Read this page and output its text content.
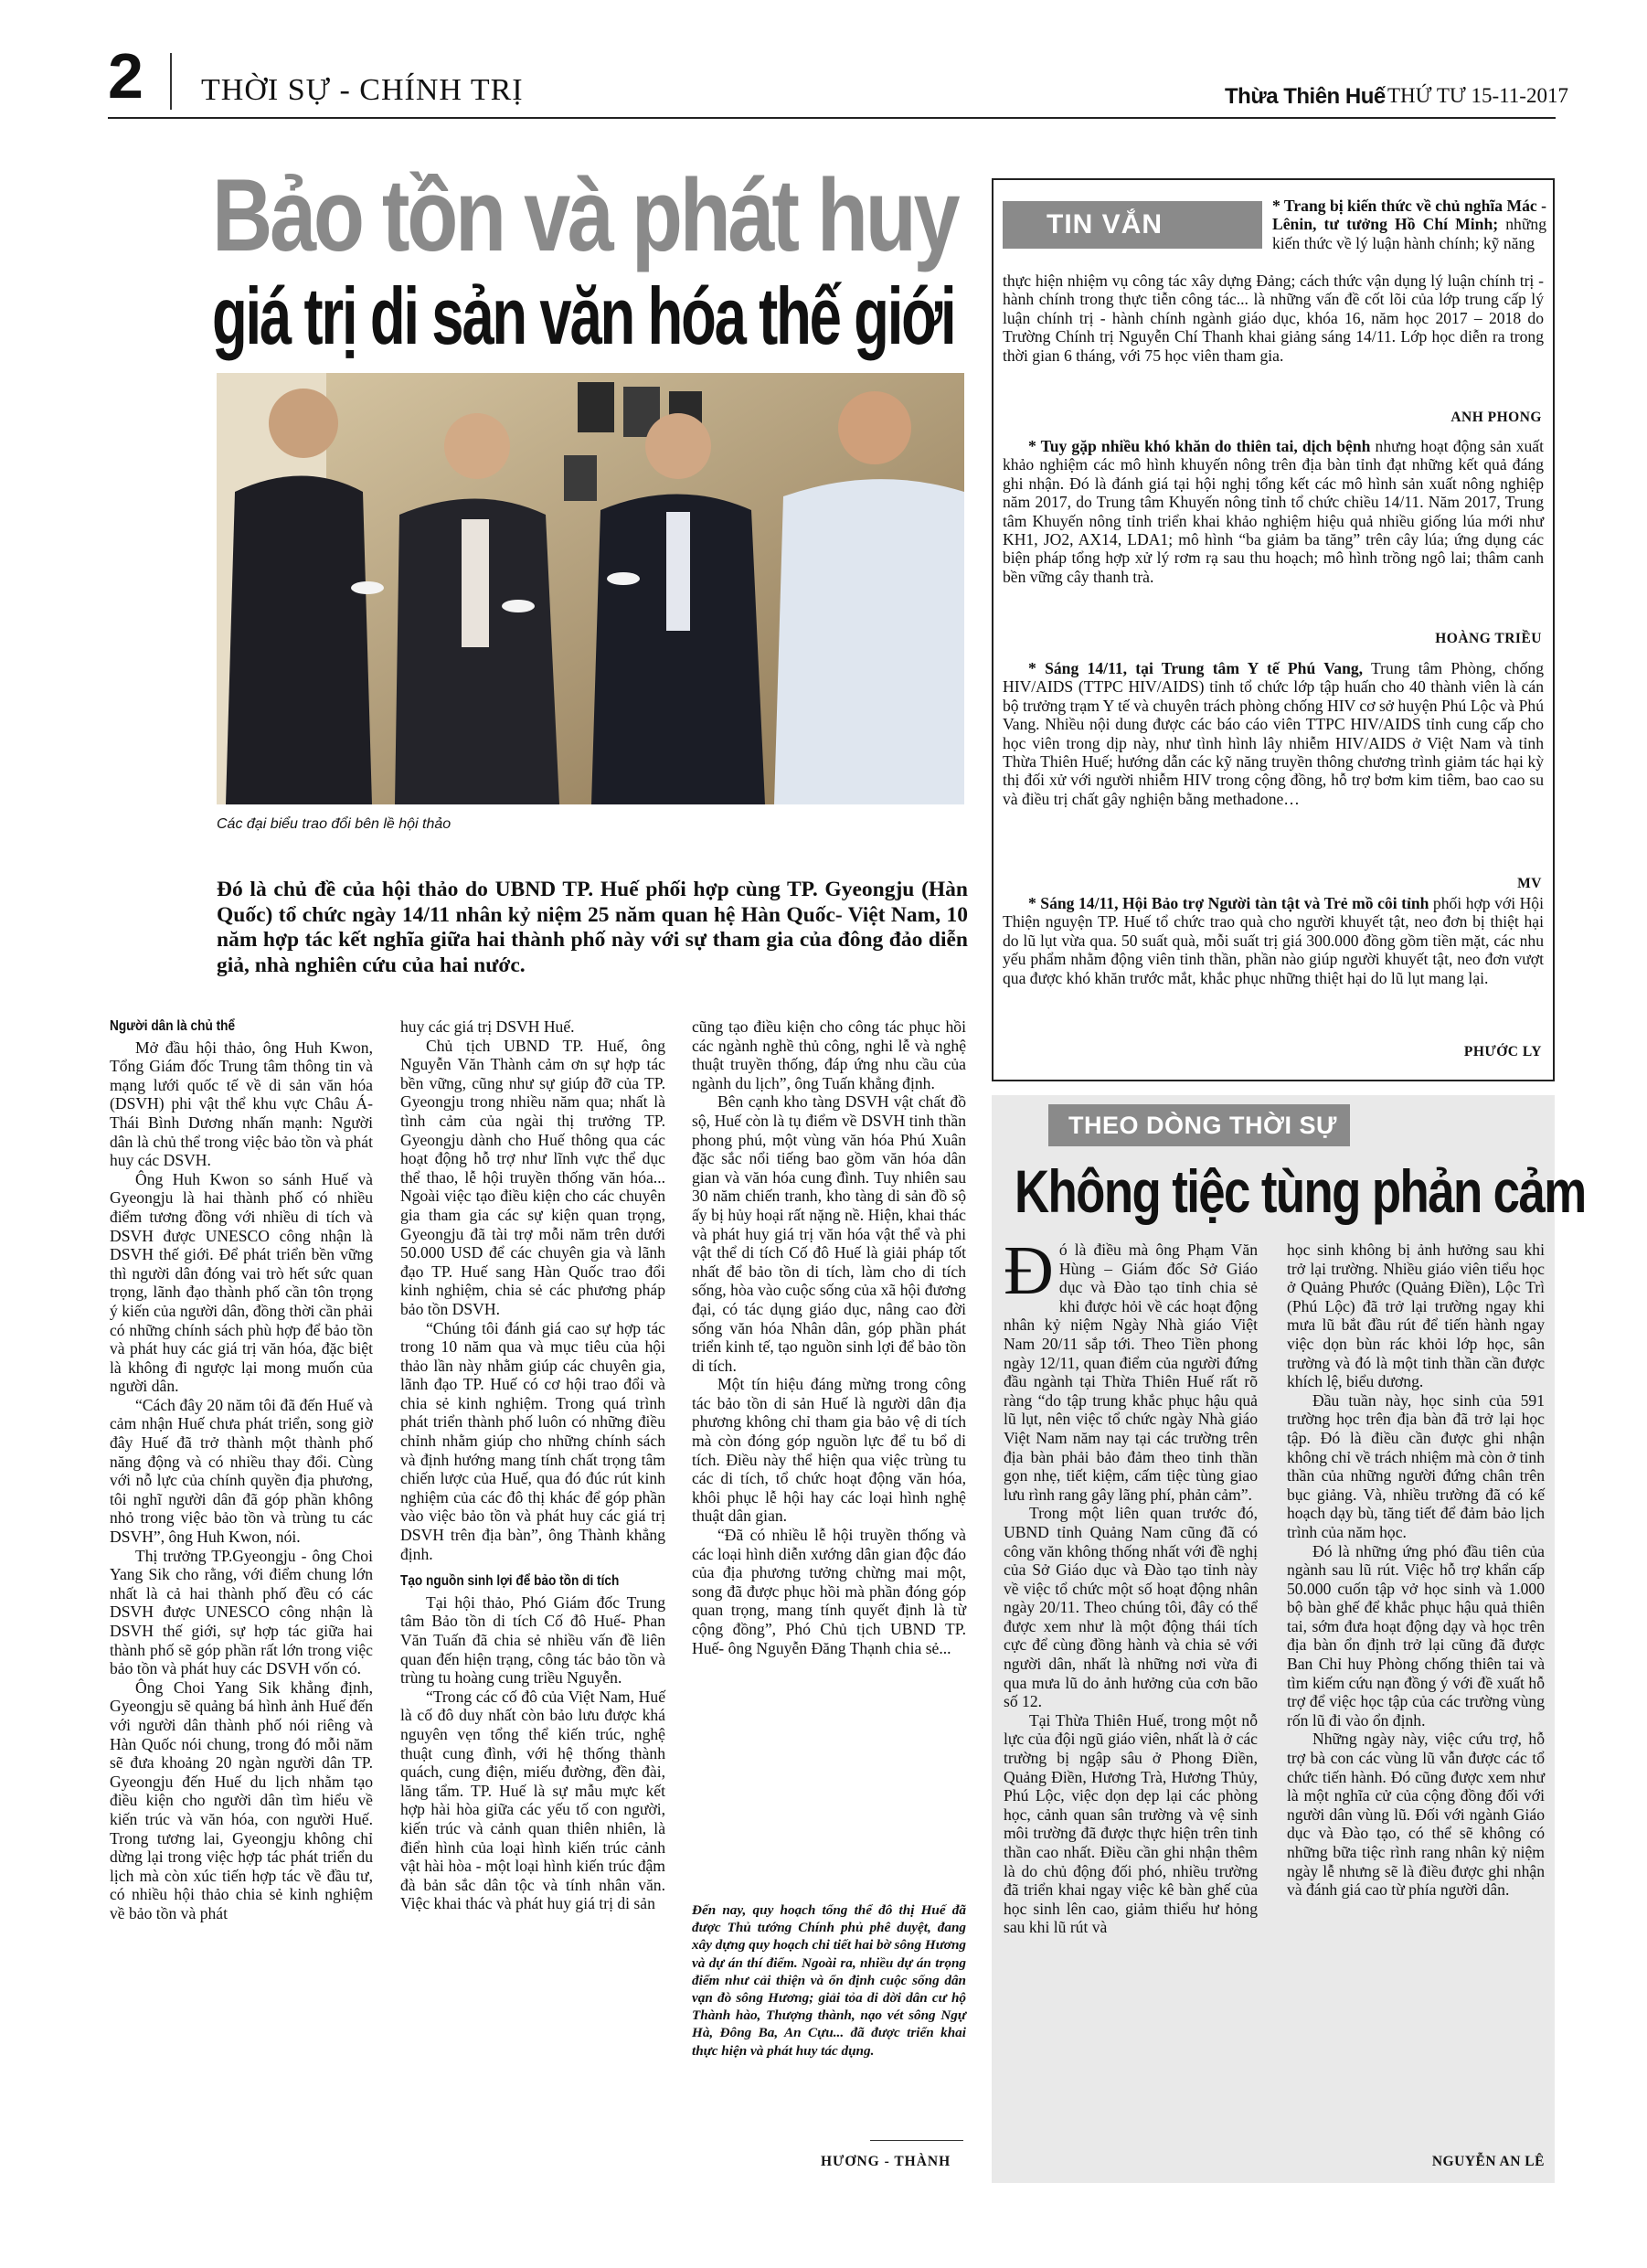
2 THỜI SỰ - CHÍNH TRỊ	Thừa Thiên Huế THỨ TƯ 15-11-2017
Bảo tồn và phát huy
giá trị di sản văn hóa thế giới
Các đại biểu trao đổi bên lề hội thảo
Đó là chủ đề của hội thảo do UBND TP. Huế phối hợp cùng TP. Gyeongju (Hàn Quốc) tổ chức ngày 14/11 nhân kỷ niệm 25 năm quan hệ Hàn Quốc- Việt Nam, 10 năm hợp tác kết nghĩa giữa hai thành phố này với sự tham gia của đông đảo diễn giả, nhà nghiên cứu của hai nước.
Người dân là chủ thể

Mở đầu hội thảo, ông Huh Kwon, Tổng Giám đốc Trung tâm thông tin và mạng lưới quốc tế về di sản văn hóa (DSVH) phi vật thể khu vực Châu Á- Thái Bình Dương nhấn mạnh: Người dân là chủ thể trong việc bảo tồn và phát huy các DSVH.

Ông Huh Kwon so sánh Huế và Gyeongju là hai thành phố có nhiều điểm tương đồng với nhiều di tích và DSVH được UNESCO công nhận là DSVH thế giới. Để phát triển bền vững thì người dân đóng vai trò hết sức quan trọng, lãnh đạo thành phố cần tôn trọng ý kiến của người dân, đồng thời cần phải có những chính sách phù hợp để bảo tồn và phát huy các giá trị văn hóa, đặc biệt là không đi ngược lại mong muốn của người dân.

“Cách đây 20 năm tôi đã đến Huế và cảm nhận Huế chưa phát triển, song giờ đây Huế đã trở thành một thành phố năng động và có nhiều thay đổi. Cùng với nỗ lực của chính quyền địa phương, tôi nghĩ người dân đã góp phần không nhỏ trong việc bảo tồn và trùng tu các DSVH”, ông Huh Kwon, nói.

Thị trưởng TP.Gyeongju - ông Choi Yang Sik cho rằng, với điểm chung lớn nhất là cả hai thành phố đều có các DSVH được UNESCO công nhận là DSVH thế giới, sự hợp tác giữa hai thành phố sẽ góp phần rất lớn trong việc bảo tồn và phát huy các DSVH vốn có.

Ông Choi Yang Sik khẳng định, Gyeongju sẽ quảng bá hình ảnh Huế đến với người dân thành phố nói riêng và Hàn Quốc nói chung, trong đó mỗi năm sẽ đưa khoảng 20 ngàn người dân TP. Gyeongju đến Huế du lịch nhằm tạo điều kiện cho người dân tìm hiểu về kiến trúc và văn hóa, con người Huế. Trong tương lai, Gyeongju không chỉ dừng lại trong việc hợp tác phát triển du lịch mà còn xúc tiến hợp tác về đầu tư, có nhiều hội thảo chia sẻ kinh nghiệm về bảo tồn và phát

huy các giá trị DSVH Huế.

Chủ tịch UBND TP. Huế, ông Nguyễn Văn Thành cảm ơn sự hợp tác bền vững, cũng như sự giúp đỡ của TP. Gyeongju trong nhiều năm qua; nhất là tình cảm của ngài thị trưởng TP. Gyeongju dành cho Huế thông qua các hoạt động hỗ trợ như lĩnh vực thể dục thể thao, lễ hội truyền thống văn hóa... Ngoài việc tạo điều kiện cho các chuyên gia tham gia các sự kiện quan trọng, Gyeongju đã tài trợ mỗi năm trên dưới 50.000 USD để các chuyên gia và lãnh đạo TP. Huế sang Hàn Quốc trao đổi kinh nghiệm, chia sẻ các phương pháp bảo tồn DSVH.

“Chúng tôi đánh giá cao sự hợp tác trong 10 năm qua và mục tiêu của hội thảo lần này nhằm giúp các chuyên gia, lãnh đạo TP. Huế có cơ hội trao đổi và chia sẻ kinh nghiệm. Trong quá trình phát triển thành phố luôn có những điều chỉnh nhằm giúp cho những chính sách và định hướng mang tính chất trọng tâm chiến lược của Huế, qua đó đúc rút kinh nghiệm của các đô thị khác để góp phần vào việc bảo tồn và phát huy các giá trị DSVH trên địa bàn”, ông Thành khẳng định.

Tạo nguồn sinh lợi để bảo tồn di tích

Tại hội thảo, Phó Giám đốc Trung tâm Bảo tồn di tích Cố đô Huế- Phan Văn Tuấn đã chia sẻ nhiều vấn đề liên quan đến hiện trạng, công tác bảo tồn và trùng tu hoàng cung triều Nguyễn.

“Trong các cố đô của Việt Nam, Huế là cố đô duy nhất còn bảo lưu được khá nguyên vẹn tổng thể kiến trúc, nghệ thuật cung đình, với hệ thống thành quách, cung điện, miếu đường, đền đài, lăng tẩm. TP. Huế là sự mẫu mực kết hợp hài hòa giữa các yếu tố con người, kiến trúc và cảnh quan thiên nhiên, là điển hình của loại hình kiến trúc cảnh vật hài hòa - một loại hình kiến trúc đậm đà bản sắc dân tộc và tính nhân văn. Việc khai thác và phát huy giá trị di sản

cũng tạo điều kiện cho công tác phục hồi các ngành nghề thủ công, nghi lễ và nghệ thuật truyền thống, đáp ứng nhu cầu của ngành du lịch”, ông Tuấn khẳng định.

Bên cạnh kho tàng DSVH vật chất đồ sộ, Huế còn là tụ điểm về DSVH tinh thần phong phú, một vùng văn hóa Phú Xuân đặc sắc nổi tiếng bao gồm văn hóa dân gian và văn hóa cung đình. Tuy nhiên sau 30 năm chiến tranh, kho tàng di sản đồ sộ ấy bị hủy hoại rất nặng nề. Hiện, khai thác và phát huy giá trị văn hóa vật thể và phi vật thể di tích Cố đô Huế là giải pháp tốt nhất để bảo tồn di tích, làm cho di tích sống, hòa vào cuộc sống của xã hội đương đại, có tác dụng giáo dục, nâng cao đời sống văn hóa Nhân dân, góp phần phát triển kinh tế, tạo nguồn sinh lợi để bảo tồn di tích.

Một tín hiệu đáng mừng trong công tác bảo tồn di sản Huế là người dân địa phương không chỉ tham gia bảo vệ di tích mà còn đóng góp nguồn lực để tu bổ di tích. Điều này thể hiện qua việc trùng tu các di tích, tổ chức hoạt động văn hóa, khôi phục lễ hội hay các loại hình nghệ thuật dân gian.

“Đã có nhiều lễ hội truyền thống và các loại hình diễn xướng dân gian độc đáo của địa phương tưởng chừng mai một, song đã được phục hồi mà phần đóng góp quan trọng, mang tính quyết định là từ cộng đồng”, Phó Chủ tịch UBND TP. Huế- ông Nguyễn Đăng Thạnh chia sẻ...

Đến nay, quy hoạch tổng thể đô thị Huế đã được Thủ tướng Chính phủ phê duyệt, đang xây dựng quy hoạch chi tiết hai bờ sông Hương và dự án thí điểm. Ngoài ra, nhiều dự án trọng điểm như cải thiện và ổn định cuộc sống dân vạn đò sông Hương; giải tỏa di dời dân cư hộ Thành hào, Thượng thành, nạo vét sông Ngự Hà, Đông Ba, An Cựu... đã được triển khai thực hiện và phát huy tác dụng.
HƯƠNG - THÀNH
TIN VẮN
* Trang bị kiến thức về chủ nghĩa Mác - Lênin, tư tưởng Hồ Chí Minh; những kiến thức về lý luận hành chính; kỹ năng
thực hiện nhiệm vụ công tác xây dựng Đảng; cách thức vận dụng lý luận chính trị - hành chính trong thực tiễn công tác... là những vấn đề cốt lõi của lớp trung cấp lý luận chính trị - hành chính ngành giáo dục, khóa 16, năm học 2017 – 2018 do Trường Chính trị Nguyễn Chí Thanh khai giảng sáng 14/11. Lớp học diễn ra trong thời gian 6 tháng, với 75 học viên tham gia.
ANH PHONG
* Tuy gặp nhiều khó khăn do thiên tai, dịch bệnh nhưng hoạt động sản xuất khảo nghiệm các mô hình khuyến nông trên địa bàn tỉnh đạt những kết quả đáng ghi nhận. Đó là đánh giá tại hội nghị tổng kết các mô hình sản xuất nông nghiệp năm 2017, do Trung tâm Khuyến nông tỉnh tổ chức chiều 14/11. Năm 2017, Trung tâm Khuyến nông tỉnh triển khai khảo nghiệm hiệu quả nhiều giống lúa mới như KH1, JO2, AX14, LDA1; mô hình “ba giảm ba tăng” trên cây lúa; ứng dụng các biện pháp tổng hợp xử lý rơm rạ sau thu hoạch; mô hình trồng ngô lai; thâm canh bền vững cây thanh trà.
HOÀNG TRIỀU
* Sáng 14/11, tại Trung tâm Y tế Phú Vang, Trung tâm Phòng, chống HIV/AIDS (TTPC HIV/AIDS) tỉnh tổ chức lớp tập huấn cho 40 thành viên là cán bộ trưởng trạm Y tế và chuyên trách phòng chống HIV cơ sở huyện Phú Lộc và Phú Vang. Nhiều nội dung được các báo cáo viên TTPC HIV/AIDS tỉnh cung cấp cho học viên trong dịp này, như tình hình lây nhiễm HIV/AIDS ở Việt Nam và tỉnh Thừa Thiên Huế; hướng dẫn các kỹ năng truyền thông chương trình giảm tác hại kỳ thị đối xử với người nhiễm HIV trong cộng đồng, hỗ trợ bơm kim tiêm, bao cao su và điều trị chất gây nghiện bằng methadone…
MV
* Sáng 14/11, Hội Bảo trợ Người tàn tật và Trẻ mồ côi tỉnh phối hợp với Hội Thiện nguyện TP. Huế tổ chức trao quà cho người khuyết tật, neo đơn bị thiệt hại do lũ lụt vừa qua. 50 suất quà, mỗi suất trị giá 300.000 đồng gồm tiền mặt, các nhu yếu phẩm nhằm động viên tinh thần, phần nào giúp người khuyết tật, neo đơn vượt qua được khó khăn trước mắt, khắc phục những thiệt hại do lũ lụt mang lại.
PHƯỚC LY
THEO DÒNG THỜI SỰ
Không tiệc tùng phản cảm

Đó là điều mà ông Phạm Văn Hùng – Giám đốc Sở Giáo dục và Đào tạo tỉnh chia sẻ khi được hỏi về các hoạt động nhân kỷ niệm Ngày Nhà giáo Việt Nam 20/11 sắp tới. Theo Tiền phong ngày 12/11, quan điểm của người đứng đầu ngành tại Thừa Thiên Huế rất rõ ràng “do tập trung khắc phục hậu quả lũ lụt, nên việc tổ chức ngày Nhà giáo Việt Nam năm nay tại các trường trên địa bàn phải bảo đảm theo tinh thần gọn nhẹ, tiết kiệm, cấm tiệc tùng giao lưu rình rang gây lãng phí, phản cảm”.

Trong một liên quan trước đó, UBND tỉnh Quảng Nam cũng đã có công văn không thống nhất với đề nghị của Sở Giáo dục và Đào tạo tỉnh này về việc tổ chức một số hoạt động nhân ngày 20/11. Theo chúng tôi, đây có thể được xem như là một động thái tích cực để cùng đồng hành và chia sẻ với người dân, nhất là những nơi vừa đi qua mưa lũ do ảnh hưởng của cơn bão số 12.

Tại Thừa Thiên Huế, trong một nỗ lực của đội ngũ giáo viên, nhất là ở các trường bị ngập sâu ở Phong Điền, Quảng Điền, Hương Trà, Hương Thủy, Phú Lộc, việc dọn dẹp lại các phòng học, cảnh quan sân trường và vệ sinh môi trường đã được thực hiện trên tinh thần cao nhất. Điều cần ghi nhận thêm là do chủ động đối phó, nhiều trường đã triển khai ngay việc kê bàn ghế của học sinh lên cao, giảm thiểu hư hỏng sau khi lũ rút và

học sinh không bị ảnh hưởng sau khi trở lại trường. Nhiều giáo viên tiểu học ở Quảng Phước (Quảng Điền), Lộc Trì (Phú Lộc) đã trở lại trường ngay khi mưa lũ bắt đầu rút để tiến hành ngay việc dọn bùn rác khỏi lớp học, sân trường và đó là một tinh thần cần được khích lệ, biểu dương.

Đầu tuần này, học sinh của 591 trường học trên địa bàn đã trở lại học tập. Đó là điều cần được ghi nhận không chỉ về trách nhiệm mà còn ở tinh thần của những người đứng chân trên bục giảng. Và, nhiều trường đã có kế hoạch dạy bù, tăng tiết để đảm bảo lịch trình của năm học.

Đó là những ứng phó đầu tiên của ngành sau lũ rút. Việc hỗ trợ khẩn cấp 50.000 cuốn tập vở học sinh và 1.000 bộ bàn ghế để khắc phục hậu quả thiên tai, sớm đưa hoạt động dạy và học trên địa bàn ổn định trở lại cũng đã được Ban Chỉ huy Phòng chống thiên tai và tìm kiếm cứu nạn đồng ý với đề xuất hỗ trợ để việc học tập của các trường vùng rốn lũ đi vào ổn định.

Những ngày này, việc cứu trợ, hỗ trợ bà con các vùng lũ vẫn được các tổ chức tiến hành. Đó cũng được xem như là một nghĩa cử của cộng đồng đối với người dân vùng lũ. Đối với ngành Giáo dục và Đào tạo, có thể sẽ không có những bữa tiệc rình rang nhân kỷ niệm ngày lễ nhưng sẽ là điều được ghi nhận và đánh giá cao từ phía người dân.

NGUYỄN AN LÊ
